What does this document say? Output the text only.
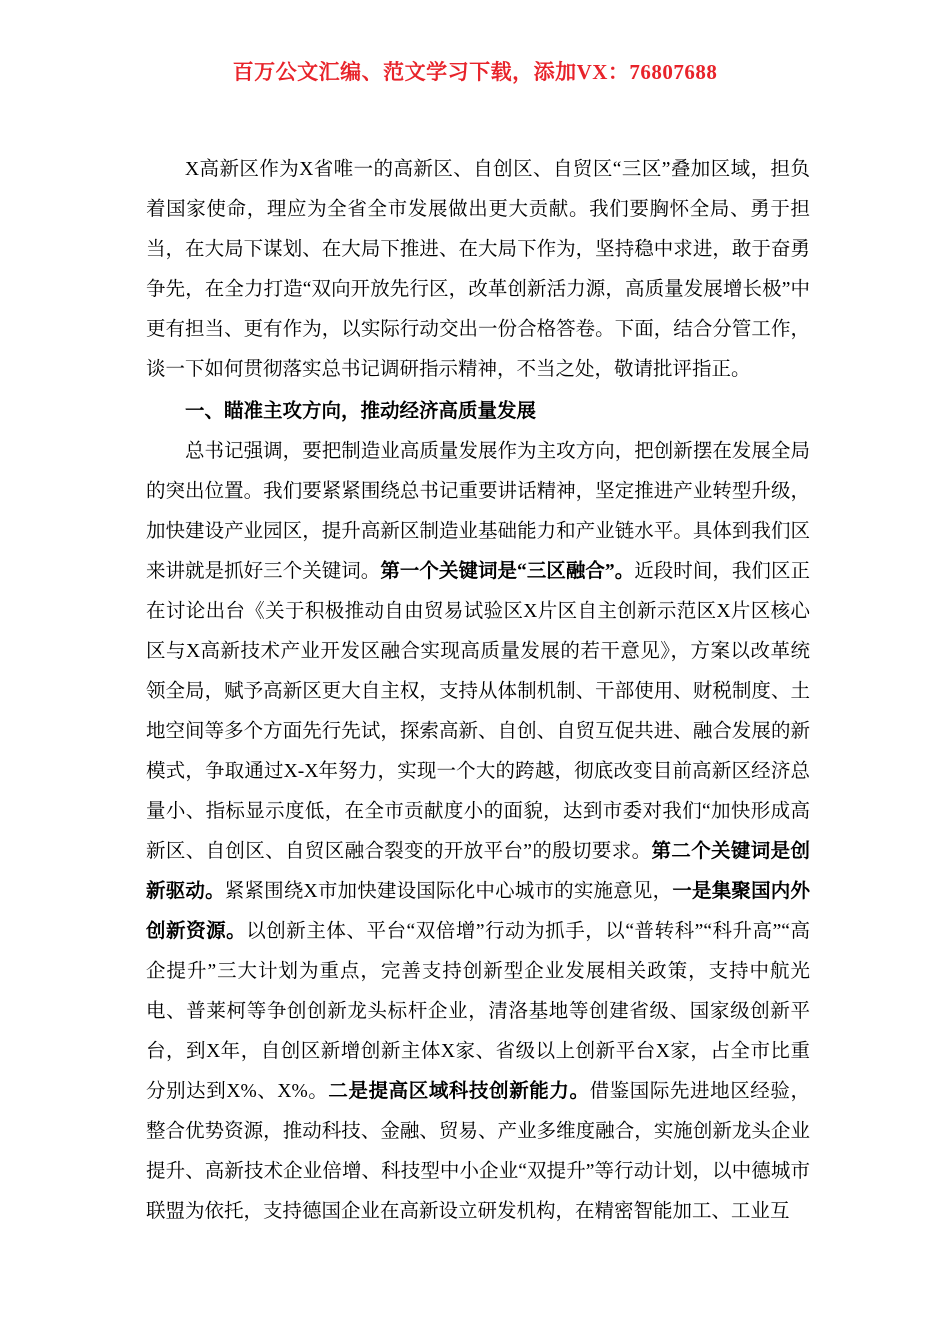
百万公文汇编、范文学习下载，添加VX：76807688

X高新区作为X省唯一的高新区、自创区、自贸区“三区”叠加区域，担负着国家使命，理应为全省全市发展做出更大贡献。我们要胸怀全局、勇于担当，在大局下谋划、在大局下推进、在大局下作为，坚持稳中求进，敢于奋勇争先，在全力打造“双向开放先行区，改革创新活力源，高质量发展增长极”中更有担当、更有作为，以实际行动交出一份合格答卷。下面，结合分管工作，谈一下如何贯彻落实总书记调研指示精神，不当之处，敬请批评指正。

一、瞄准主攻方向，推动经济高质量发展

总书记强调，要把制造业高质量发展作为主攻方向，把创新摆在发展全局的突出位置。我们要紧紧围绕总书记重要讲话精神，坚定推进产业转型升级，加快建设产业园区，提升高新区制造业基础能力和产业链水平。具体到我们区来讲就是抓好三个关键词。第一个关键词是“三区融合”。近段时间，我们区正在讨论出台《关于积极推动自由贸易试验区X片区自主创新示范区X片区核心区与X高新技术产业开发区融合实现高质量发展的若干意见》，方案以改革统领全局，赋予高新区更大自主权，支持从体制机制、干部使用、财税制度、土地空间等多个方面先行先试，探索高新、自创、自贸互促共进、融合发展的新模式，争取通过X-X年努力，实现一个大的跨越，彻底改变目前高新区经济总量小、指标显示度低，在全市贡献度小的面貌，达到市委对我们“加快形成高新区、自创区、自贸区融合裂变的开放平台”的殷切要求。第二个关键词是创新驱动。紧紧围绕X市加快建设国际化中心城市的实施意见，一是集聚国内外创新资源。以创新主体、平台“双倍增”行动为抓手，以“普转科”“科升高”“高企提升”三大计划为重点，完善支持创新型企业发展相关政策，支持中航光电、普莱柯等争创创新龙头标杆企业，清洛基地等创建省级、国家级创新平台，到X年，自创区新增创新主体X家、省级以上创新平台X家，占全市比重分别达到X%、X%。二是提高区域科技创新能力。借鉴国际先进地区经验，整合优势资源，推动科技、金融、贸易、产业多维度融合，实施创新龙头企业提升、高新技术企业倍增、科技型中小企业“双提升”等行动计划，以中德城市联盟为依托，支持德国企业在高新设立研发机构，在精密智能加工、工业互
